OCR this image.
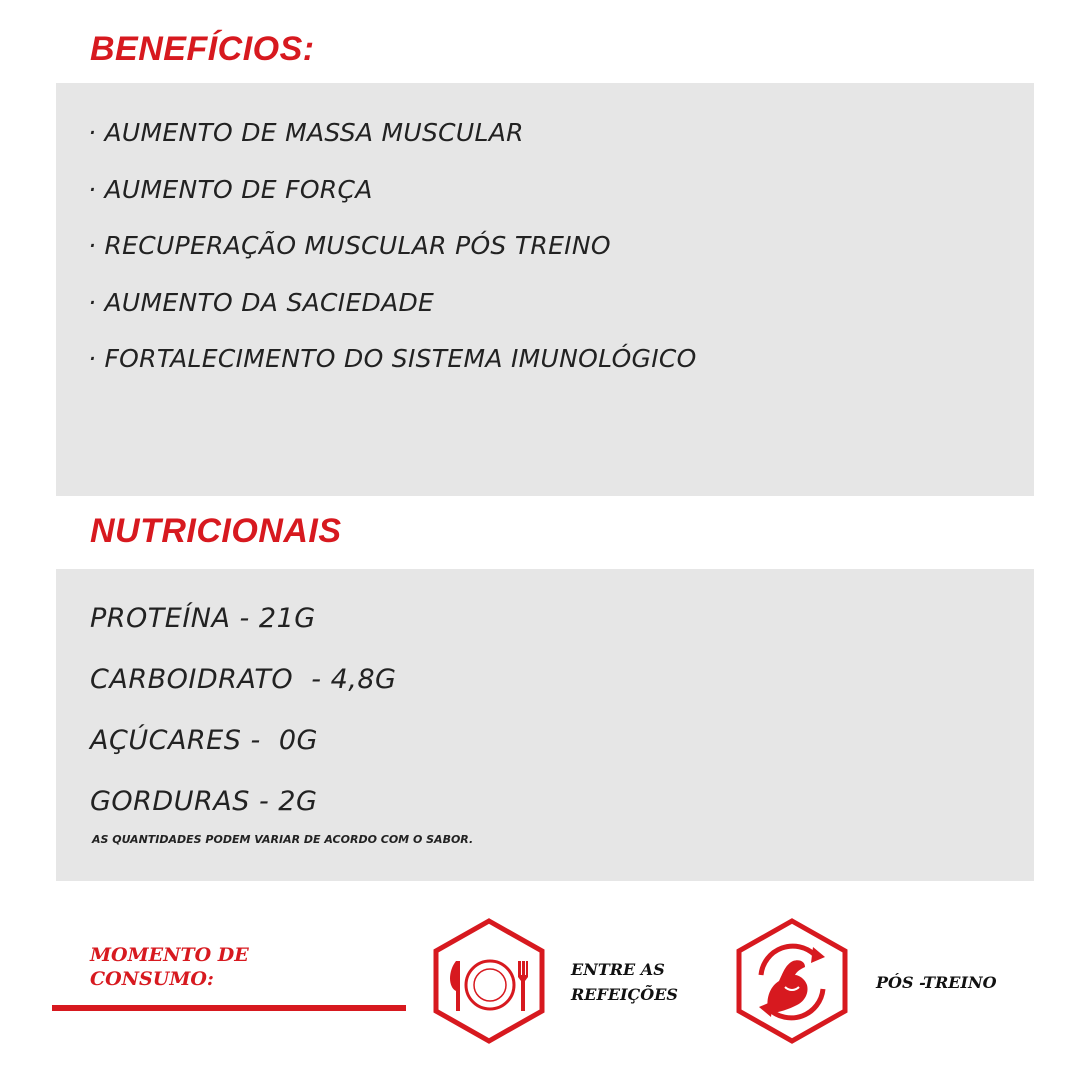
BENEFÍCIOS:

· AUMENTO DE MASSA MUSCULAR

· AUMENTO DE FORÇA

· RECUPERAÇÃO MUSCULAR PÓS TREINO

· AUMENTO DA SACIEDADE

· FORTALECIMENTO DO SISTEMA IMUNOLÓGICO

NUTRICIONAIS

PROTEÍNA - 21G

CARBOIDRATO  - 4,8G

AÇÚCARES -  0G

GORDURAS - 2G

AS QUANTIDADES PODEM VARIAR DE ACORDO COM O SABOR.

MOMENTO DE
CONSUMO:	ENTRE AS
REFEIÇÕES

PÓS -TREINO
